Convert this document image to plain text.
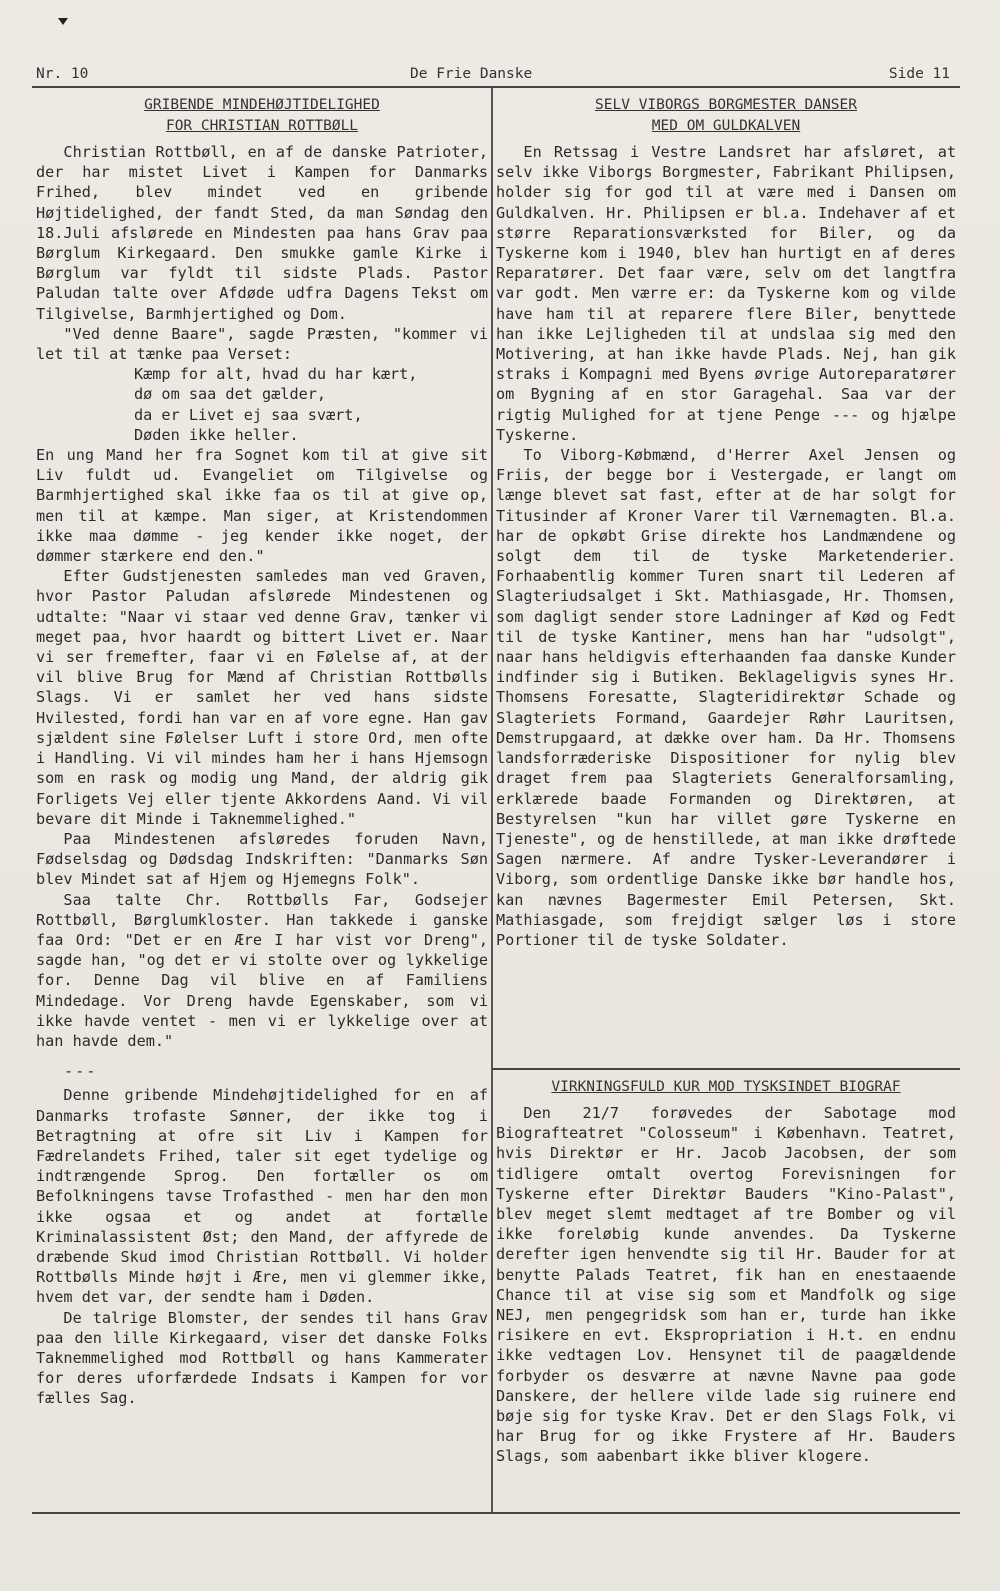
Nr. 10	De Frie Danske	Side 11
GRIBENDE MINDEHØJTIDELIGHED
FOR CHRISTIAN ROTTBØLL

Christian Rottbøll, en af de danske Patrioter, der har mistet Livet i Kampen for Danmarks Frihed, blev mindet ved en gribende Højtidelighed, der fandt Sted, da man Søndag den 18.Juli afslørede en Mindesten paa hans Grav paa Børglum Kirkegaard. Den smukke gamle Kirke i Børglum var fyldt til sidste Plads. Pastor Paludan talte over Afdøde udfra Dagens Tekst om Tilgivelse, Barmhjertighed og Dom.

"Ved denne Baare", sagde Præsten, "kommer vi let til at tænke paa Verset:

Kæmp for alt, hvad du har kært,
dø om saa det gælder,
da er Livet ej saa svært,
Døden ikke heller.

En ung Mand her fra Sognet kom til at give sit Liv fuldt ud. Evangeliet om Tilgivelse og Barmhjertighed skal ikke faa os til at give op, men til at kæmpe. Man siger, at Kristendommen ikke maa dømme - jeg kender ikke noget, der dømmer stærkere end den."

Efter Gudstjenesten samledes man ved Graven, hvor Pastor Paludan afslørede Mindestenen og udtalte: "Naar vi staar ved denne Grav, tænker vi meget paa, hvor haardt og bittert Livet er. Naar vi ser fremefter, faar vi en Følelse af, at der vil blive Brug for Mænd af Christian Rottbølls Slags. Vi er samlet her ved hans sidste Hvilested, fordi han var en af vore egne. Han gav sjældent sine Følelser Luft i store Ord, men ofte i Handling. Vi vil mindes ham her i hans Hjemsogn som en rask og modig ung Mand, der aldrig gik Forligets Vej eller tjente Akkordens Aand. Vi vil bevare dit Minde i Taknemmelighed."

Paa Mindestenen afsløredes foruden Navn, Fødselsdag og Dødsdag Indskriften: "Danmarks Søn blev Mindet sat af Hjem og Hjemegns Folk".

Saa talte Chr. Rottbølls Far, Godsejer Rottbøll, Børglumkloster. Han takkede i ganske faa Ord: "Det er en Ære I har vist vor Dreng", sagde han, "og det er vi stolte over og lykkelige for. Denne Dag vil blive en af Familiens Mindedage. Vor Dreng havde Egenskaber, som vi ikke havde ventet - men vi er lykkelige over at han havde dem."

---

Denne gribende Mindehøjtidelighed for en af Danmarks trofaste Sønner, der ikke tog i Betragtning at ofre sit Liv i Kampen for Fædrelandets Frihed, taler sit eget tydelige og indtrængende Sprog. Den fortæller os om Befolkningens tavse Trofasthed - men har den mon ikke ogsaa et og andet at fortælle Kriminalassistent Øst; den Mand, der affyrede de dræbende Skud imod Christian Rottbøll. Vi holder Rottbølls Minde højt i Ære, men vi glemmer ikke, hvem det var, der sendte ham i Døden.

De talrige Blomster, der sendes til hans Grav paa den lille Kirkegaard, viser det danske Folks Taknemmelighed mod Rottbøll og hans Kammerater for deres uforfærdede Indsats i Kampen for vor fælles Sag.

SELV VIBORGS BORGMESTER DANSER
MED OM GULDKALVEN

En Retssag i Vestre Landsret har afsløret, at selv ikke Viborgs Borgmester, Fabrikant Philipsen, holder sig for god til at være med i Dansen om Guldkalven. Hr. Philipsen er bl.a. Indehaver af et større Reparationsværksted for Biler, og da Tyskerne kom i 1940, blev han hurtigt en af deres Reparatører. Det faar være, selv om det langtfra var godt. Men værre er: da Tyskerne kom og vilde have ham til at reparere flere Biler, benyttede han ikke Lejligheden til at undslaa sig med den Motivering, at han ikke havde Plads. Nej, han gik straks i Kompagni med Byens øvrige Autoreparatører om Bygning af en stor Garagehal. Saa var der rigtig Mulighed for at tjene Penge --- og hjælpe Tyskerne.

To Viborg-Købmænd, d'Herrer Axel Jensen og Friis, der begge bor i Vestergade, er langt om længe blevet sat fast, efter at de har solgt for Titusinder af Kroner Varer til Værnemagten. Bl.a. har de opkøbt Grise direkte hos Landmændene og solgt dem til de tyske Marketenderier. Forhaabentlig kommer Turen snart til Lederen af Slagteriudsalget i Skt. Mathiasgade, Hr. Thomsen, som dagligt sender store Ladninger af Kød og Fedt til de tyske Kantiner, mens han har "udsolgt", naar hans heldigvis efterhaanden faa danske Kunder indfinder sig i Butiken. Beklageligvis synes Hr. Thomsens Foresatte, Slagteridirektør Schade og Slagteriets Formand, Gaardejer Røhr Lauritsen, Demstrupgaard, at dække over ham. Da Hr. Thomsens landsforræderiske Dispositioner for nylig blev draget frem paa Slagteriets Generalforsamling, erklærede baade Formanden og Direktøren, at Bestyrelsen "kun har villet gøre Tyskerne en Tjeneste", og de henstillede, at man ikke drøftede Sagen nærmere. Af andre Tysker-Leverandører i Viborg, som ordentlige Danske ikke bør handle hos, kan nævnes Bagermester Emil Petersen, Skt. Mathiasgade, som frejdigt sælger løs i store Portioner til de tyske Soldater.

VIRKNINGSFULD KUR MOD TYSKSINDET BIOGRAF

Den 21/7 forøvedes der Sabotage mod Biografteatret "Colosseum" i København. Teatret, hvis Direktør er Hr. Jacob Jacobsen, der som tidligere omtalt overtog Forevisningen for Tyskerne efter Direktør Bauders "Kino-Palast", blev meget slemt medtaget af tre Bomber og vil ikke foreløbig kunde anvendes. Da Tyskerne derefter igen henvendte sig til Hr. Bauder for at benytte Palads Teatret, fik han en enestaaende Chance til at vise sig som et Mandfolk og sige NEJ, men pengegridsk som han er, turde han ikke risikere en evt. Ekspropriation i H.t. en endnu ikke vedtagen Lov. Hensynet til de paagældende forbyder os desværre at nævne Navne paa gode Danskere, der hellere vilde lade sig ruinere end bøje sig for tyske Krav. Det er den Slags Folk, vi har Brug for og ikke Frystere af Hr. Bauders Slags, som aabenbart ikke bliver klogere.
